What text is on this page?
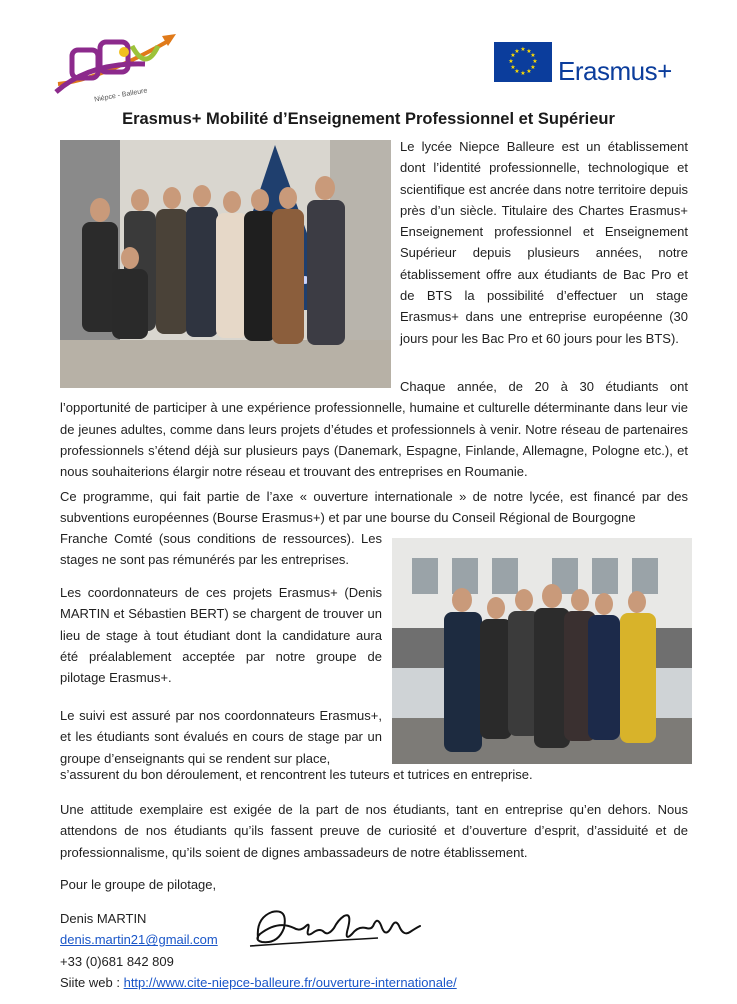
Niépce - Balleure
★ ★
★
★
★
★
★
★
★
★
★
★
Erasmus+
Erasmus+ Mobilité d’Enseignement Professionnel et Supérieur
Le lycée Niepce Balleure est un établissement dont l’identité professionnelle, technologique et scientifique est ancrée dans notre territoire depuis près d’un siècle. Titulaire des Chartes Erasmus+ Enseignement professionnel et Enseignement Supérieur depuis plusieurs années, notre établissement offre aux étudiants de Bac Pro et de BTS la possibilité d’effectuer un stage Erasmus+ dans une entreprise européenne (30 jours pour les Bac Pro et 60 jours pour les BTS).
Chaque année, de 20 à 30 étudiants ont l’opportunité de participer à une expérience professionnelle, humaine et culturelle déterminante dans leur vie de jeunes adultes, comme dans leurs projets d’études et professionnels à venir. Notre réseau de partenaires professionnels s’étend déjà sur plusieurs pays (Danemark, Espagne, Finlande, Allemagne, Pologne etc.), et nous souhaiterions élargir notre réseau et trouvant des entreprises en Roumanie.
Ce programme, qui fait partie de l’axe « ouverture internationale » de notre lycée, est financé par des subventions européennes (Bourse Erasmus+) et par une bourse du Conseil Régional de Bourgogne
Franche Comté (sous conditions de ressources). Les stages ne sont pas rémunérés par les entreprises.
Les coordonnateurs de ces projets Erasmus+ (Denis MARTIN et Sébastien BERT) se chargent de trouver un lieu de stage à tout étudiant dont la candidature aura été préalablement acceptée par notre groupe de pilotage Erasmus+.
Le suivi est assuré par nos coordonnateurs Erasmus+, et les étudiants sont évalués en cours de stage par un groupe d’enseignants qui se rendent sur place,
s’assurent du bon déroulement, et rencontrent les tuteurs et tutrices en entreprise.
Une attitude exemplaire est exigée de la part de nos étudiants, tant en entreprise qu’en dehors. Nous attendons de nos étudiants qu’ils fassent preuve de curiosité et d’ouverture d’esprit, d’assiduité et de professionnalisme, qu’ils soient de dignes ambassadeurs de notre établissement.
Pour le groupe de pilotage,
Denis MARTIN
denis.martin21@gmail.com
+33 (0)681 842 809
Siite web : http://www.cite-niepce-balleure.fr/ouverture-internationale/
